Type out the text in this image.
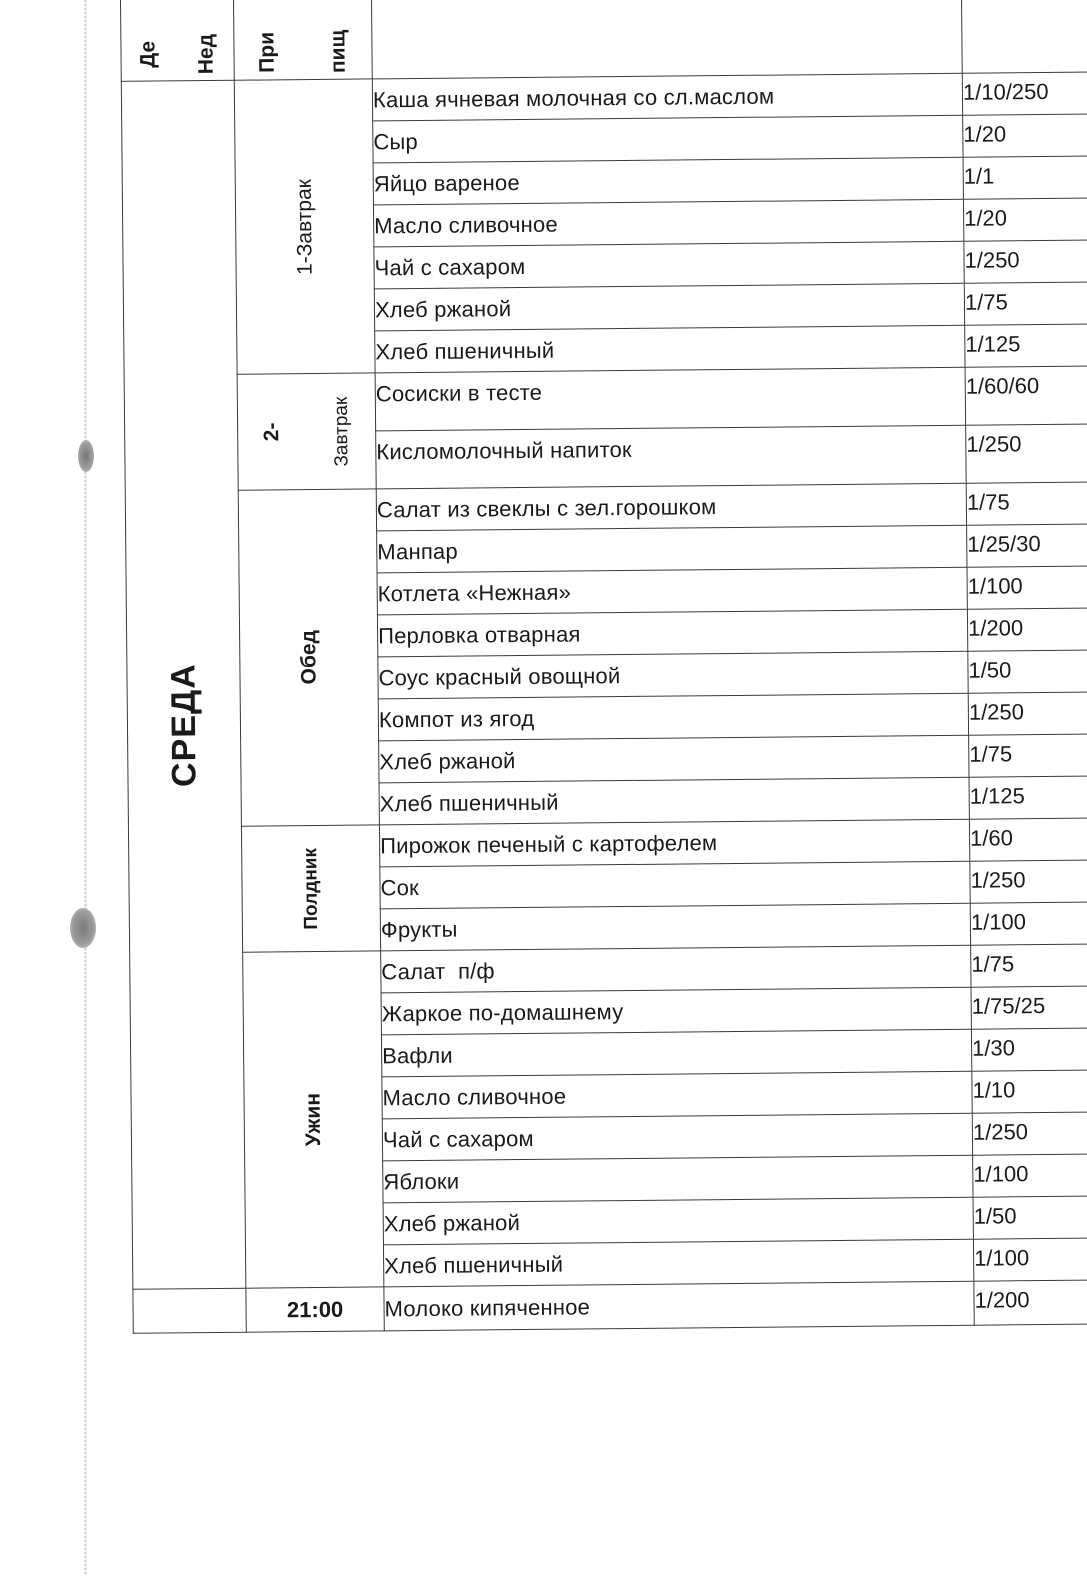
Де Нед	При пищ

СРЕДА	1-Завтрак	Каша ячневая молочная со сл.маслом	1/10/250
		Сыр	1/20
		Яйцо вареное	1/1
		Масло сливочное	1/20
		Чай с сахаром	1/250
		Хлеб ржаной	1/75
		Хлеб пшеничный	1/125

	2- Завтрак	Сосиски в тесте	1/60/60
		Кисломолочный напиток	1/250

	Обед	Салат из свеклы с зел.горошком	1/75
		Манпар	1/25/30
		Котлета «Нежная»	1/100
		Перловка отварная	1/200
		Соус красный овощной	1/50
		Компот из ягод	1/250
		Хлеб ржаной	1/75
		Хлеб пшеничный	1/125

	Полдник	Пирожок печеный с картофелем	1/60
		Сок	1/250
		Фрукты	1/100

	Ужин	Салат  п/ф	1/75
		Жаркое по-домашнему	1/75/25
		Вафли	1/30
		Масло сливочное	1/10
		Чай с сахаром	1/250
		Яблоки	1/100
		Хлеб ржаной	1/50
		Хлеб пшеничный	1/100
	21:00	Молоко кипяченное	1/200
